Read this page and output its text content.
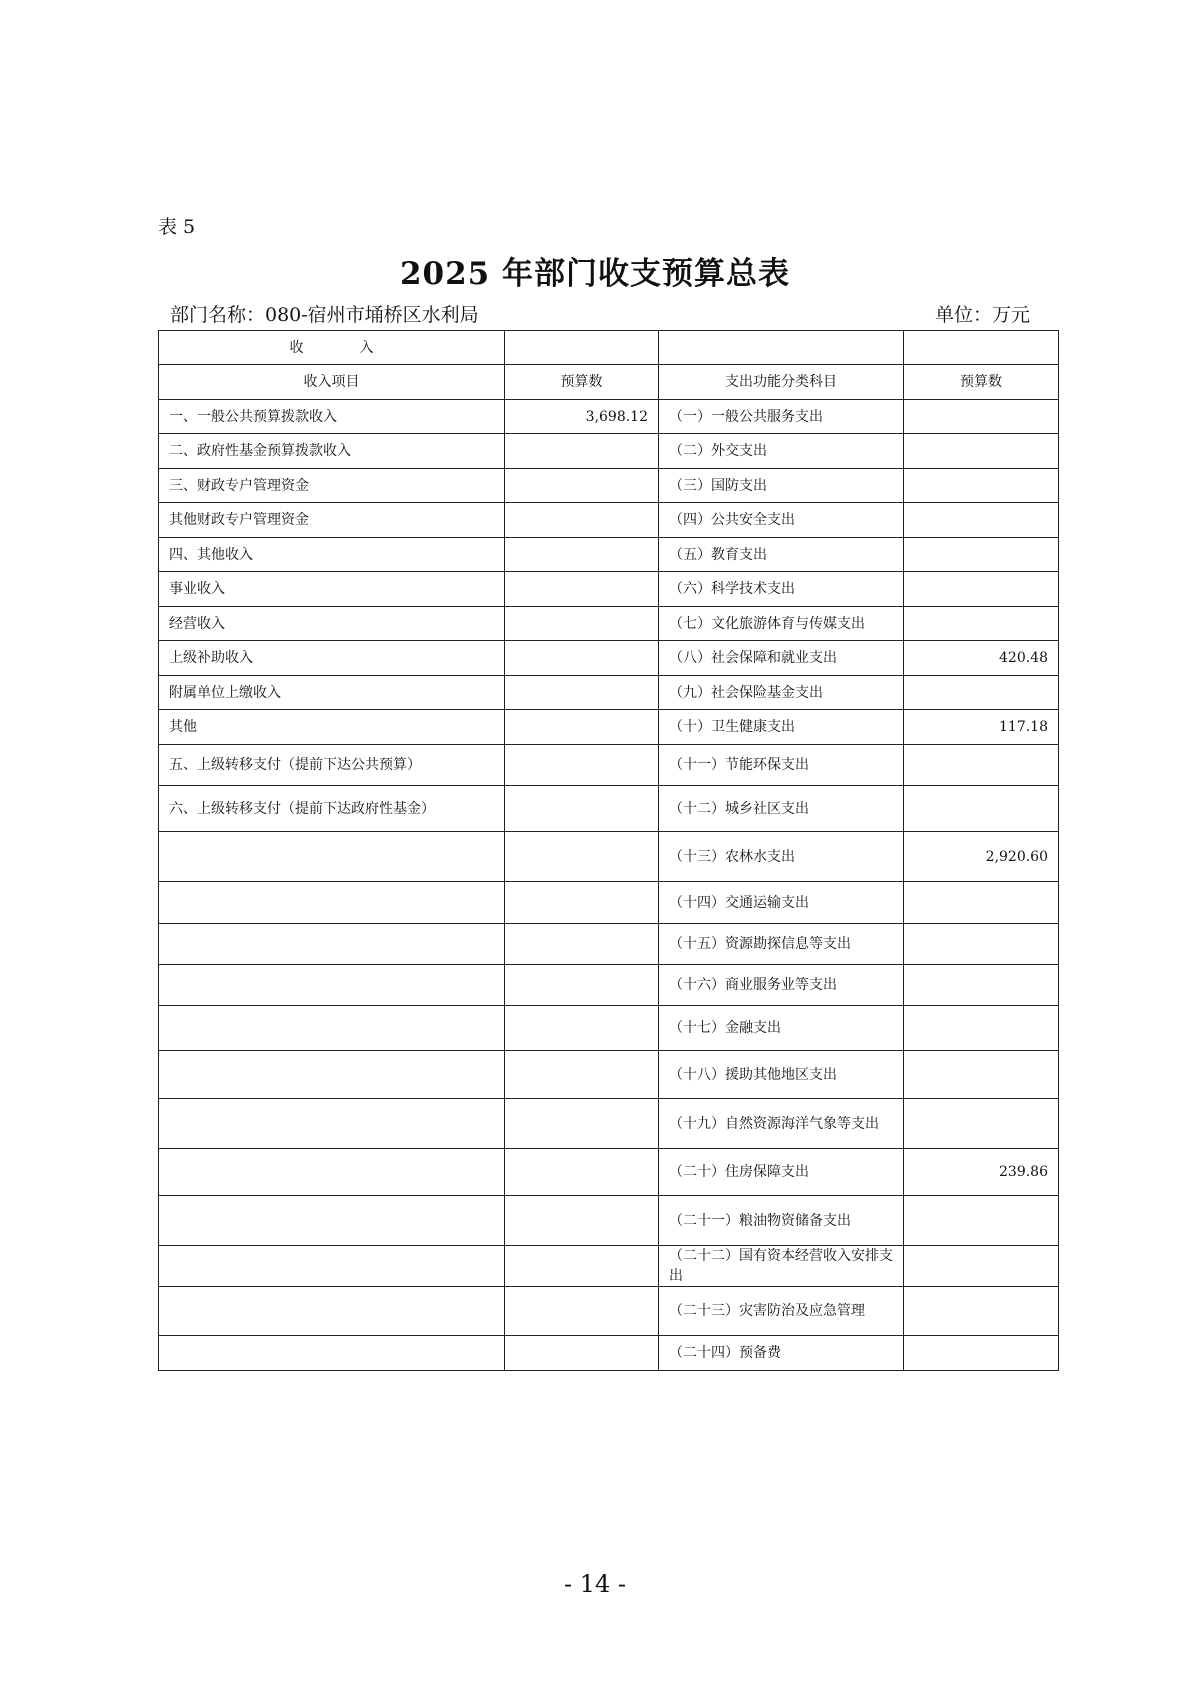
表 5
2025 年部门收支预算总表
部门名称：080-宿州市埇桥区水利局	单位：万元
收　　　　入			
收入项目	预算数	支出功能分类科目	预算数
一、一般公共预算拨款收入	3,698.12	（一）一般公共服务支出	
二、政府性基金预算拨款收入		（二）外交支出	
三、财政专户管理资金		（三）国防支出	
其他财政专户管理资金		（四）公共安全支出	
四、其他收入		（五）教育支出	
事业收入		（六）科学技术支出	
经营收入		（七）文化旅游体育与传媒支出	
上级补助收入		（八）社会保障和就业支出	420.48
附属单位上缴收入		（九）社会保险基金支出	
其他		（十）卫生健康支出	117.18
五、上级转移支付（提前下达公共预算）		（十一）节能环保支出	
六、上级转移支付（提前下达政府性基金）		（十二）城乡社区支出	
		（十三）农林水支出	2,920.60
		（十四）交通运输支出	
		（十五）资源勘探信息等支出	
		（十六）商业服务业等支出	
		（十七）金融支出	
		（十八）援助其他地区支出	
		（十九）自然资源海洋气象等支出	
		（二十）住房保障支出	239.86
		（二十一）粮油物资储备支出	
		（二十二）国有资本经营收入安排支出	
		（二十三）灾害防治及应急管理	
		（二十四）预备费	
- 14 -
